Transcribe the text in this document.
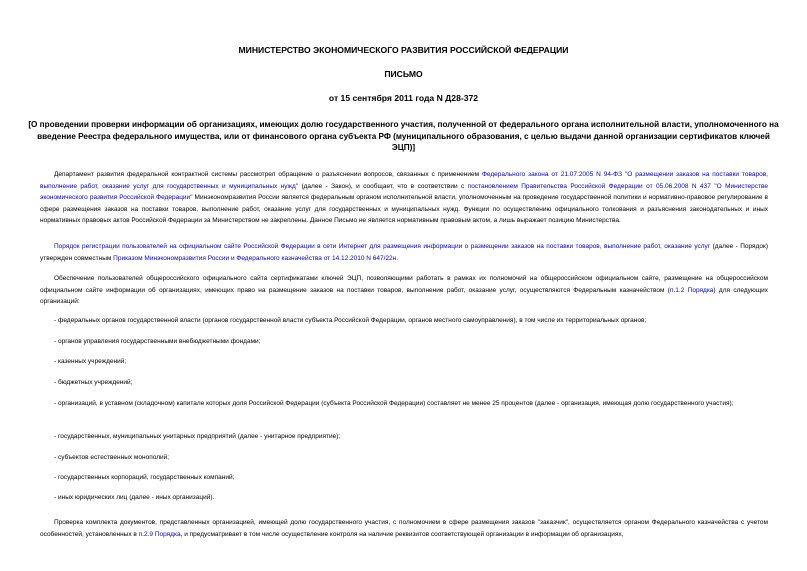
МИНИСТЕРСТВО ЭКОНОМИЧЕСКОГО РАЗВИТИЯ РОССИЙСКОЙ ФЕДЕРАЦИИ
ПИСЬМО
от 15 сентября 2011 года N Д28-372
[О проведении проверки информации об организациях, имеющих долю государственного участия, полученной от федерального органа исполнительной власти, уполномоченного на введение Реестра федерального имущества, или от финансового органа субъекта РФ (муниципального образования, с целью выдачи данной организации сертификатов ключей ЭЦП)]

Департамент развития федеральной контрактной системы рассмотрел обращение о разъяснении вопросов, связанных с применением Федерального закона от 21.07.2005 N 94-ФЗ "О размещении заказов на поставки товаров, выполнение работ, оказание услуг для государственных и муниципальных нужд" (далее - Закон), и сообщает, что в соответствии с постановлением Правительства Российской Федерации от 05.06.2008 N 437 "О Министерстве экономического развития Российской Федерации" Минэкономразвития России является федеральным органом исполнительной власти, уполномоченным на проведение государственной политики и нормативно-правовое регулирование в сфере размещения заказов на поставки товаров, выполнение работ, оказание услуг для государственных и муниципальных нужд. Функции по осуществлению официального толкования и разъяснения законодательных и иных нормативных правовых актов Российской Федерации за Министерством не закреплены. Данное Письмо не является нормативным правовым актом, а лишь выражает позицию Министерства.

Порядок регистрации пользователей на официальном сайте Российской Федерации в сети Интернет для размещения информации о размещении заказов на поставки товаров, выполнение работ, оказание услуг (далее - Порядок) утвержден совместным Приказом Минэкономразвития России и Федерального казначейства от 14.12.2010 N 647/22н.

Обеспечение пользователей общероссийского официального сайта сертификатами ключей ЭЦП, позволяющими работать в рамках их полномочий на общероссийском официальном сайте, размещение на общероссийском официальном сайте информации об организациях, имеющих право на размещение заказов на поставки товаров, выполнение работ, оказание услуг, осуществляются Федеральным казначейством (п.1.2 Порядка) для следующих организаций:

- федеральных органов государственной власти (органов государственной власти субъекта Российской Федерации, органов местного самоуправления), в том числе их территориальных органов;

- органов управления государственными внебюджетными фондами;

- казенных учреждений;

- бюджетных учреждений;

- организаций, в уставном (складочном) капитале которых доля Российской Федерации (субъекта Российской Федерации) составляет не менее 25 процентов (далее - организация, имеющая долю государственного участия);

- государственных, муниципальных унитарных предприятий (далее - унитарное предприятие);

- субъектов естественных монополий;

- государственных корпораций, государственных компаний;

- иных юридических лиц (далее - иных организаций).

Проверка комплекта документов, представленных организацией, имеющей долю государственного участия, с полномочием в сфере размещения заказов "заказчик", осуществляется органом Федерального казначейства с учетом особенностей, установленных в п.2.9 Порядка, и предусматривает в том числе осуществление контроля на наличие реквизитов соответствующей организации в информации об организациях,
